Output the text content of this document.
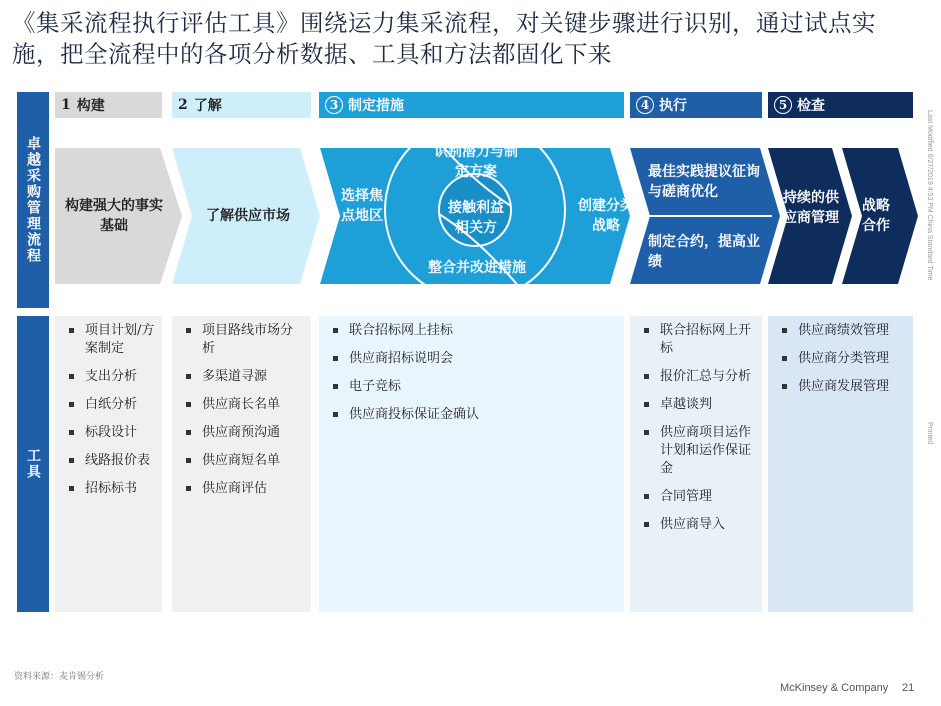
《集采流程执行评估工具》围绕运力集采流程，对关键步骤进行识别，通过试点实施，把全流程中的各项分析数据、工具和方法都固化下来
卓越采购管理流程
工具
1 构建	2 了解	3 制定措施	4 执行	5 检查
构建强大的事实基础
了解供应市场
选择焦点地区
识别潜力与制定方案
接触利益相关方
整合并改进措施
创建分类战略
最佳实践提议征询与磋商优化
制定合约，提高业绩
持续的供应商管理
战略合作
项目计划/方案制定
支出分析
白纸分析
标段设计
线路报价表
招标标书
项目路线市场分析
多渠道寻源
供应商长名单
供应商预沟通
供应商短名单
供应商评估
联合招标网上挂标
供应商招标说明会
电子竞标
供应商投标保证金确认
联合招标网上开标
报价汇总与分析
卓越谈判
供应商项目运作计划和运作保证金
合同管理
供应商导入
供应商绩效管理
供应商分类管理
供应商发展管理
Last Modified 6/27/2019 4:53 PM China Standard Time
Printed
资料来源：麦肯锡分析
McKinsey & Company 21
